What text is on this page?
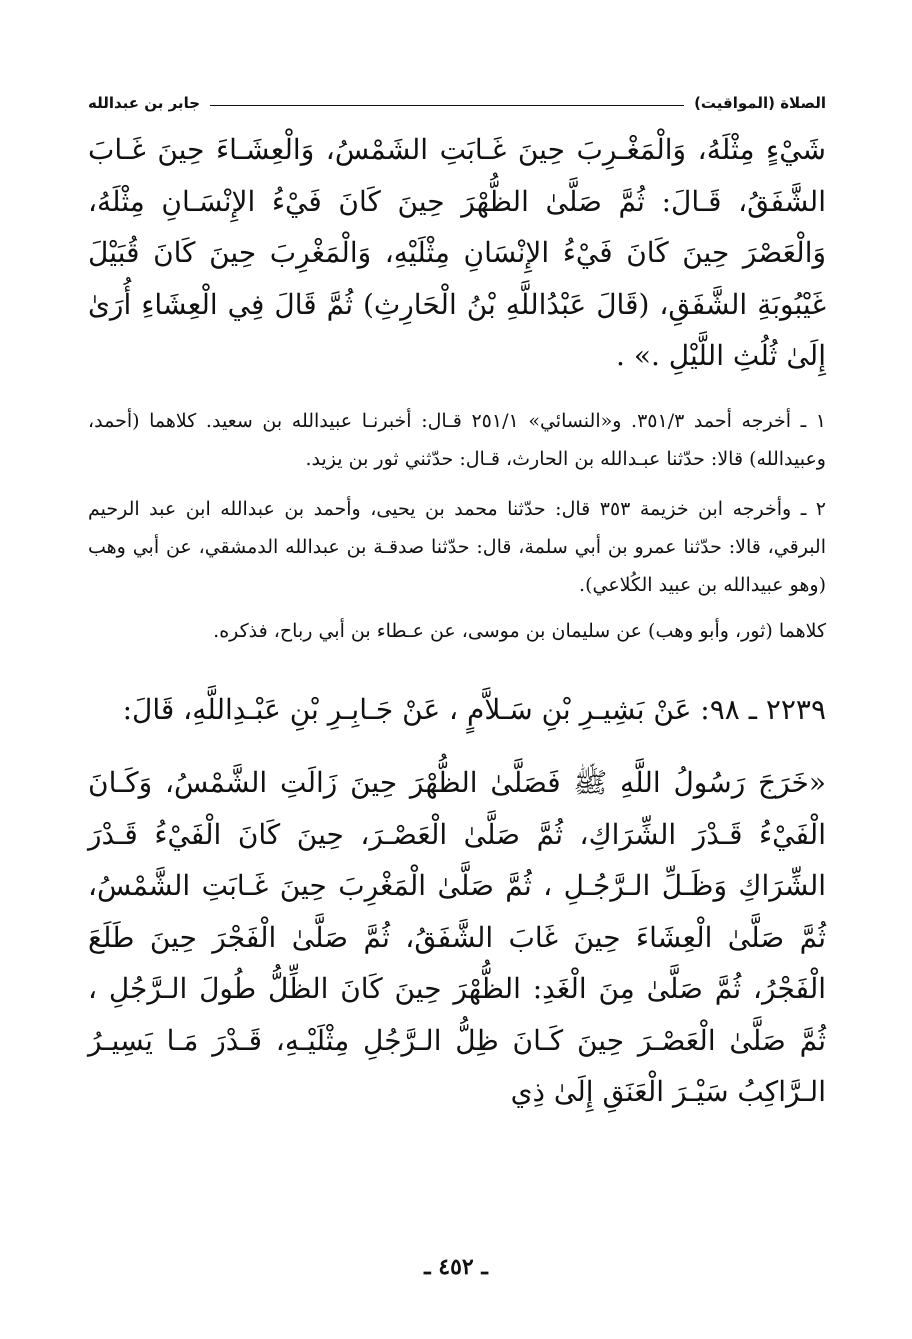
الصلاة (المواقيت)
جابر بن عبدالله

شَيْءٍ مِثْلَهُ، وَالْمَغْـرِبَ حِينَ غَـابَتِ الشَمْسُ، وَالْعِشَـاءَ حِينَ غَـابَ الشَّفَقُ، قَـالَ: ثُمَّ صَلَّىٰ الظُّهْرَ حِينَ كَانَ فَيْءُ الإِنْسَـانِ مِثْلَهُ، وَالْعَصْرَ حِينَ كَانَ فَيْءُ الإِنْسَانِ مِثْلَيْهِ، وَالْمَغْرِبَ حِينَ كَانَ قُبَيْلَ غَيْبُوبَةِ الشَّفَقِ، (قَالَ عَبْدُاللَّهِ بْنُ الْحَارِثِ) ثُمَّ قَالَ فِي الْعِشَاءِ أُرَىٰ إِلَىٰ ثُلُثِ اللَّيْلِ .» .

١ ـ أخرجه أحمد ٣٥١/٣. و«النسائي» ٢٥١/١ قـال: أخبرنـا عبيدالله بن سعيد. كلاهما (أحمد، وعبيدالله) قالا: حدّثنا عبـدالله بن الحارث، قـال: حدّثني ثور بن يزيد.

٢ ـ وأخرجه ابن خزيمة ٣٥٣ قال: حدّثنا محمد بن يحيى، وأحمد بن عبدالله ابن عبد الرحيم البرقي، قالا: حدّثنا عمرو بن أبي سلمة، قال: حدّثنا صدقـة بن عبدالله الدمشقي، عن أبي وهب (وهو عبيدالله بن عبيد الكُلاعي).

كلاهما (ثور، وأبو وهب) عن سليمان بن موسى، عن عـطاء بن أبي رباح، فذكره.

٢٢٣٩ ـ ٩٨: عَنْ بَشِيـرِ بْنِ سَـلاَّمٍ ، عَنْ جَـابِـرِ بْنِ عَبْـدِاللَّهِ، قَالَ:

«خَرَجَ رَسُولُ اللَّهِ ﷺ فَصَلَّىٰ الظُّهْرَ حِينَ زَالَتِ الشَّمْسُ، وَكَـانَ الْفَيْءُ قَـدْرَ الشِّرَاكِ، ثُمَّ صَلَّىٰ الْعَصْـرَ، حِينَ كَانَ الْفَيْءُ قَـدْرَ الشِّرَاكِ وَظَـلِّ الـرَّجُـلِ ، ثُمَّ صَلَّىٰ الْمَغْرِبَ حِينَ غَـابَتِ الشَّمْسُ، ثُمَّ صَلَّىٰ الْعِشَاءَ حِينَ غَابَ الشَّفَقُ، ثُمَّ صَلَّىٰ الْفَجْرَ حِينَ طَلَعَ الْفَجْرُ، ثُمَّ صَلَّىٰ مِنَ الْغَدِ: الظُّهْرَ حِينَ كَانَ الظِّلُّ طُولَ الـرَّجُلِ ، ثُمَّ صَلَّىٰ الْعَصْـرَ حِينَ كَـانَ ظِلُّ الـرَّجُلِ مِثْلَيْـهِ، قَـدْرَ مَـا يَسِيـرُ الـرَّاكِبُ سَيْـرَ الْعَنَقِ إِلَىٰ ذِي

ـ ٤٥٢ ـ
